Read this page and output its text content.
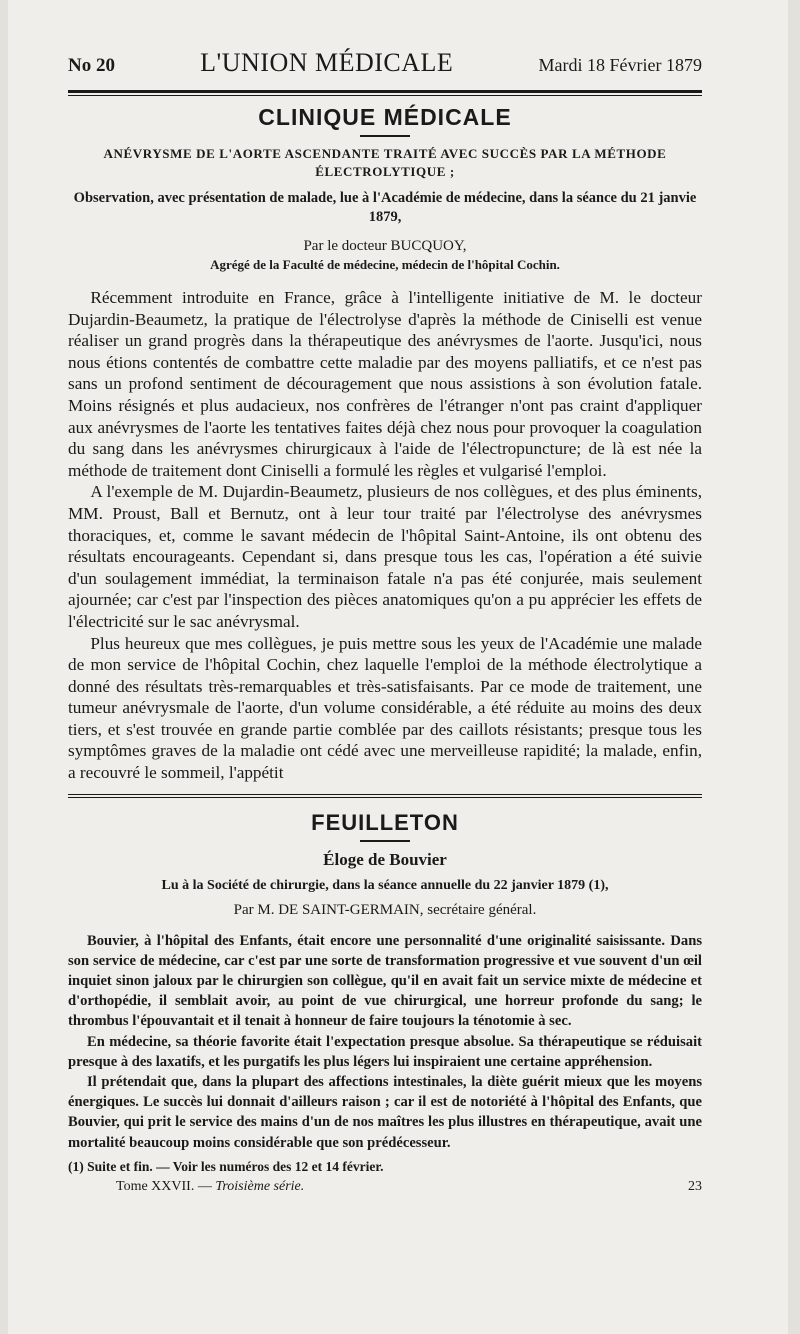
No 20	L'UNION MÉDICALE	Mardi 18 Février 1879
CLINIQUE MÉDICALE
ANÉVRYSME DE L'AORTE ASCENDANTE TRAITÉ AVEC SUCCÈS PAR LA MÉTHODE
ÉLECTROLYTIQUE ;
Observation, avec présentation de malade, lue à l'Académie de médecine, dans la séance du 21 janvie 1879,
Par le docteur BUCQUOY,
Agrégé de la Faculté de médecine, médecin de l'hôpital Cochin.

Récemment introduite en France, grâce à l'intelligente initiative de M. le docteur Dujardin-Beaumetz, la pratique de l'électrolyse d'après la méthode de Ciniselli est venue réaliser un grand progrès dans la thérapeutique des anévrysmes de l'aorte. Jusqu'ici, nous nous étions contentés de combattre cette maladie par des moyens palliatifs, et ce n'est pas sans un profond sentiment de découragement que nous assistions à son évolution fatale. Moins résignés et plus audacieux, nos confrères de l'étranger n'ont pas craint d'appliquer aux anévrysmes de l'aorte les tentatives faites déjà chez nous pour provoquer la coagulation du sang dans les anévrysmes chirurgicaux à l'aide de l'électropuncture; de là est née la méthode de traitement dont Ciniselli a formulé les règles et vulgarisé l'emploi.

A l'exemple de M. Dujardin-Beaumetz, plusieurs de nos collègues, et des plus éminents, MM. Proust, Ball et Bernutz, ont à leur tour traité par l'électrolyse des anévrysmes thoraciques, et, comme le savant médecin de l'hôpital Saint-Antoine, ils ont obtenu des résultats encourageants. Cependant si, dans presque tous les cas, l'opération a été suivie d'un soulagement immédiat, la terminaison fatale n'a pas été conjurée, mais seulement ajournée; car c'est par l'inspection des pièces anatomiques qu'on a pu apprécier les effets de l'électricité sur le sac anévrysmal.

Plus heureux que mes collègues, je puis mettre sous les yeux de l'Académie une malade de mon service de l'hôpital Cochin, chez laquelle l'emploi de la méthode électrolytique a donné des résultats très-remarquables et très-satisfaisants. Par ce mode de traitement, une tumeur anévrysmale de l'aorte, d'un volume considérable, a été réduite au moins des deux tiers, et s'est trouvée en grande partie comblée par des caillots résistants; presque tous les symptômes graves de la maladie ont cédé avec une merveilleuse rapidité; la malade, enfin, a recouvré le sommeil, l'appétit

FEUILLETON
Éloge de Bouvier
Lu à la Société de chirurgie, dans la séance annuelle du 22 janvier 1879 (1),
Par M. DE SAINT-GERMAIN, secrétaire général.

Bouvier, à l'hôpital des Enfants, était encore une personnalité d'une originalité saisissante. Dans son service de médecine, car c'est par une sorte de transformation progressive et vue souvent d'un œil inquiet sinon jaloux par le chirurgien son collègue, qu'il en avait fait un service mixte de médecine et d'orthopédie, il semblait avoir, au point de vue chirurgical, une horreur profonde du sang; le thrombus l'épouvantait et il tenait à honneur de faire toujours la ténotomie à sec.

En médecine, sa théorie favorite était l'expectation presque absolue. Sa thérapeutique se réduisait presque à des laxatifs, et les purgatifs les plus légers lui inspiraient une certaine appréhension.

Il prétendait que, dans la plupart des affections intestinales, la diète guérit mieux que les moyens énergiques. Le succès lui donnait d'ailleurs raison ; car il est de notoriété à l'hôpital des Enfants, que Bouvier, qui prit le service des mains d'un de nos maîtres les plus illustres en thérapeutique, avait une mortalité beaucoup moins considérable que son prédécesseur.

(1) Suite et fin. — Voir les numéros des 12 et 14 février.
Tome XXVII. — Troisième série.	23
